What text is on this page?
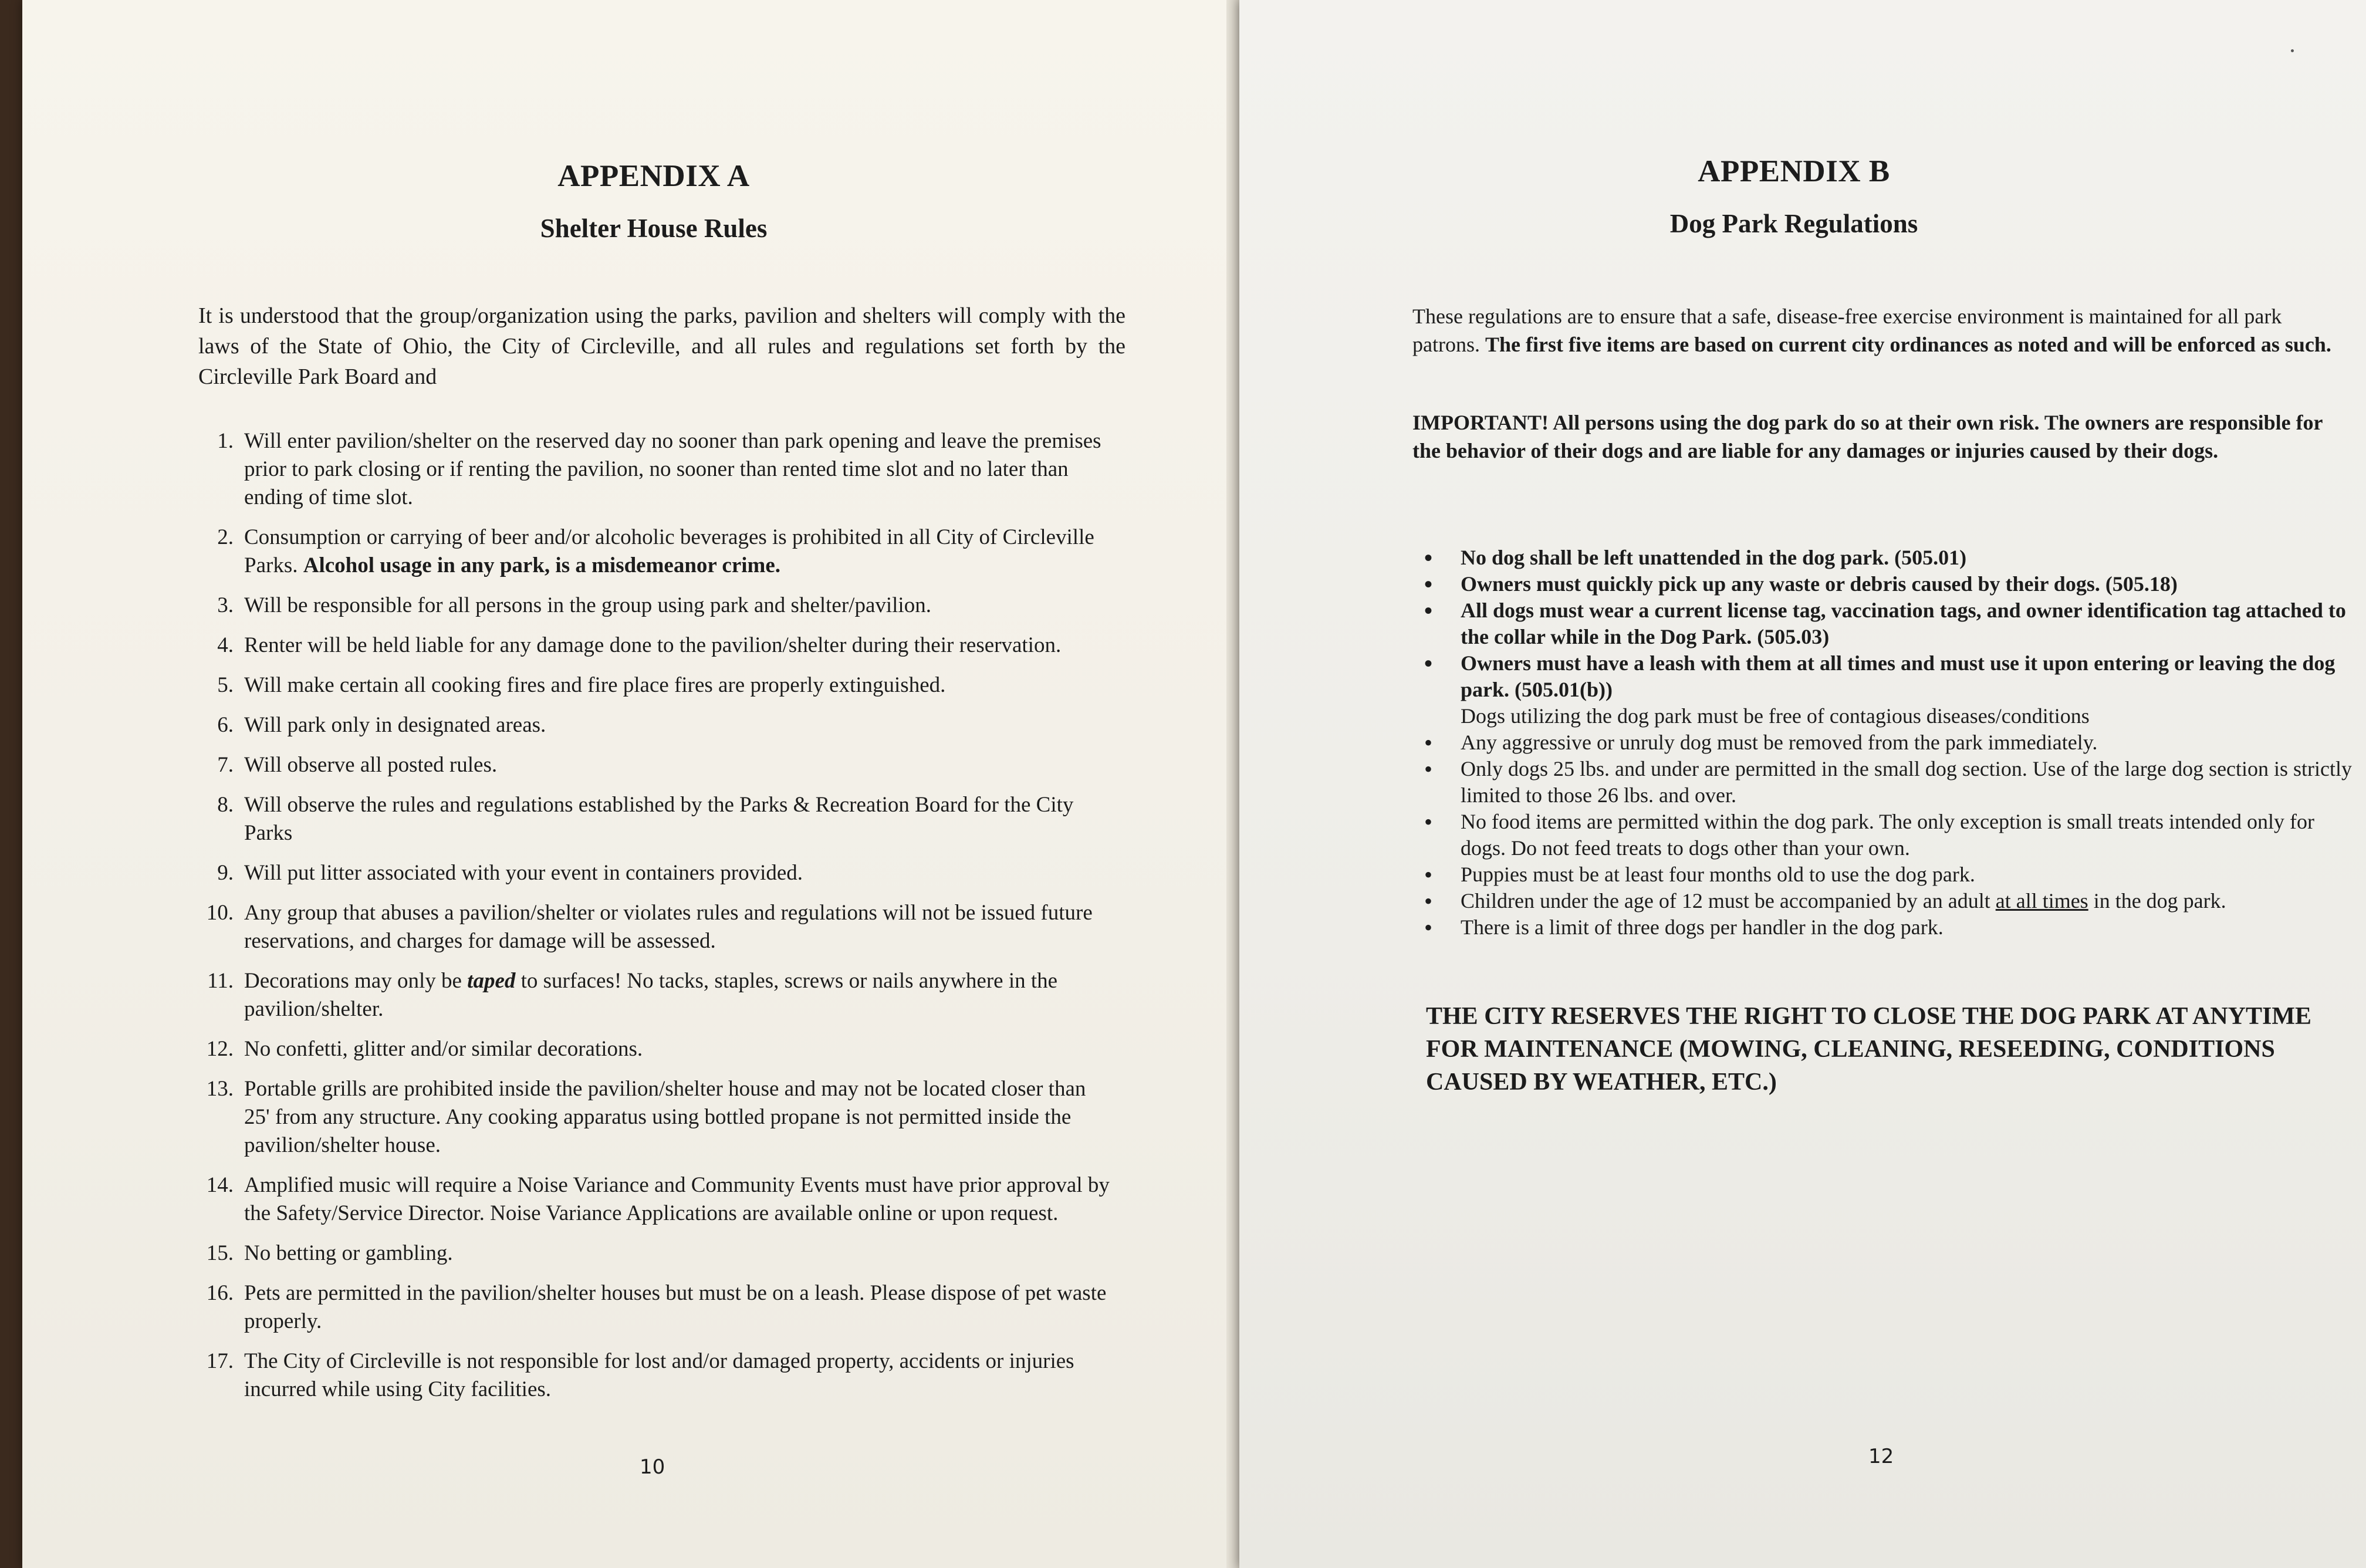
APPENDIX A
Shelter House Rules
It is understood that the group/organization using the parks, pavilion and shelters will comply with the laws of the State of Ohio, the City of Circleville, and all rules and regulations set forth by the Circleville Park Board and
1. Will enter pavilion/shelter on the reserved day no sooner than park opening and leave the premises prior to park closing or if renting the pavilion, no sooner than rented time slot and no later than ending of time slot.
2. Consumption or carrying of beer and/or alcoholic beverages is prohibited in all City of Circleville Parks. Alcohol usage in any park, is a misdemeanor crime.
3. Will be responsible for all persons in the group using park and shelter/pavilion.
4. Renter will be held liable for any damage done to the pavilion/shelter during their reservation.
5. Will make certain all cooking fires and fire place fires are properly extinguished.
6. Will park only in designated areas.
7. Will observe all posted rules.
8. Will observe the rules and regulations established by the Parks & Recreation Board for the City Parks
9. Will put litter associated with your event in containers provided.
10. Any group that abuses a pavilion/shelter or violates rules and regulations will not be issued future reservations, and charges for damage will be assessed.
11. Decorations may only be taped to surfaces! No tacks, staples, screws or nails anywhere in the pavilion/shelter.
12. No confetti, glitter and/or similar decorations.
13. Portable grills are prohibited inside the pavilion/shelter house and may not be located closer than 25' from any structure. Any cooking apparatus using bottled propane is not permitted inside the pavilion/shelter house.
14. Amplified music will require a Noise Variance and Community Events must have prior approval by the Safety/Service Director. Noise Variance Applications are available online or upon request.
15. No betting or gambling.
16. Pets are permitted in the pavilion/shelter houses but must be on a leash. Please dispose of pet waste properly.
17. The City of Circleville is not responsible for lost and/or damaged property, accidents or injuries incurred while using City facilities.
10
APPENDIX B
Dog Park Regulations
These regulations are to ensure that a safe, disease-free exercise environment is maintained for all park patrons. The first five items are based on current city ordinances as noted and will be enforced as such.
IMPORTANT! All persons using the dog park do so at their own risk. The owners are responsible for the behavior of their dogs and are liable for any damages or injuries caused by their dogs.
• No dog shall be left unattended in the dog park. (505.01)
• Owners must quickly pick up any waste or debris caused by their dogs. (505.18)
• All dogs must wear a current license tag, vaccination tags, and owner identification tag attached to the collar while in the Dog Park. (505.03)
• Owners must have a leash with them at all times and must use it upon entering or leaving the dog park. (505.01(b))
Dogs utilizing the dog park must be free of contagious diseases/conditions
• Any aggressive or unruly dog must be removed from the park immediately.
• Only dogs 25 lbs. and under are permitted in the small dog section. Use of the large dog section is strictly limited to those 26 lbs. and over.
• No food items are permitted within the dog park. The only exception is small treats intended only for dogs. Do not feed treats to dogs other than your own.
• Puppies must be at least four months old to use the dog park.
• Children under the age of 12 must be accompanied by an adult at all times in the dog park.
• There is a limit of three dogs per handler in the dog park.
THE CITY RESERVES THE RIGHT TO CLOSE THE DOG PARK AT ANYTIME FOR MAINTENANCE (MOWING, CLEANING, RESEEDING, CONDITIONS CAUSED BY WEATHER, ETC.)
12
